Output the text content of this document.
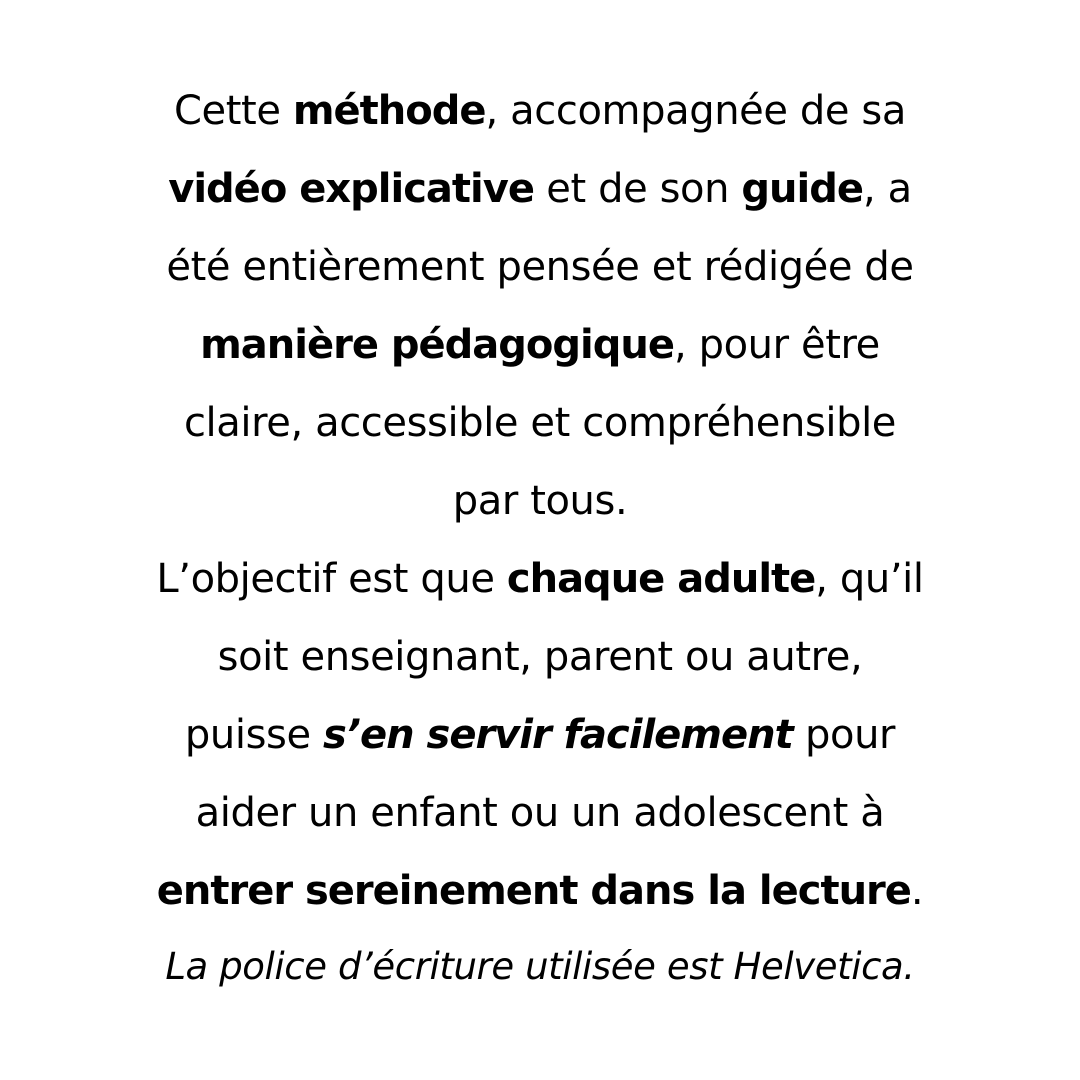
Cette méthode, accompagnée de sa
vidéo explicative et de son guide, a
été entièrement pensée et rédigée de
manière pédagogique, pour être
claire, accessible et compréhensible
par tous.
L’objectif est que chaque adulte, qu’il
soit enseignant, parent ou autre,
puisse s’en servir facilement pour
aider un enfant ou un adolescent à
entrer sereinement dans la lecture.
La police d’écriture utilisée est Helvetica.
